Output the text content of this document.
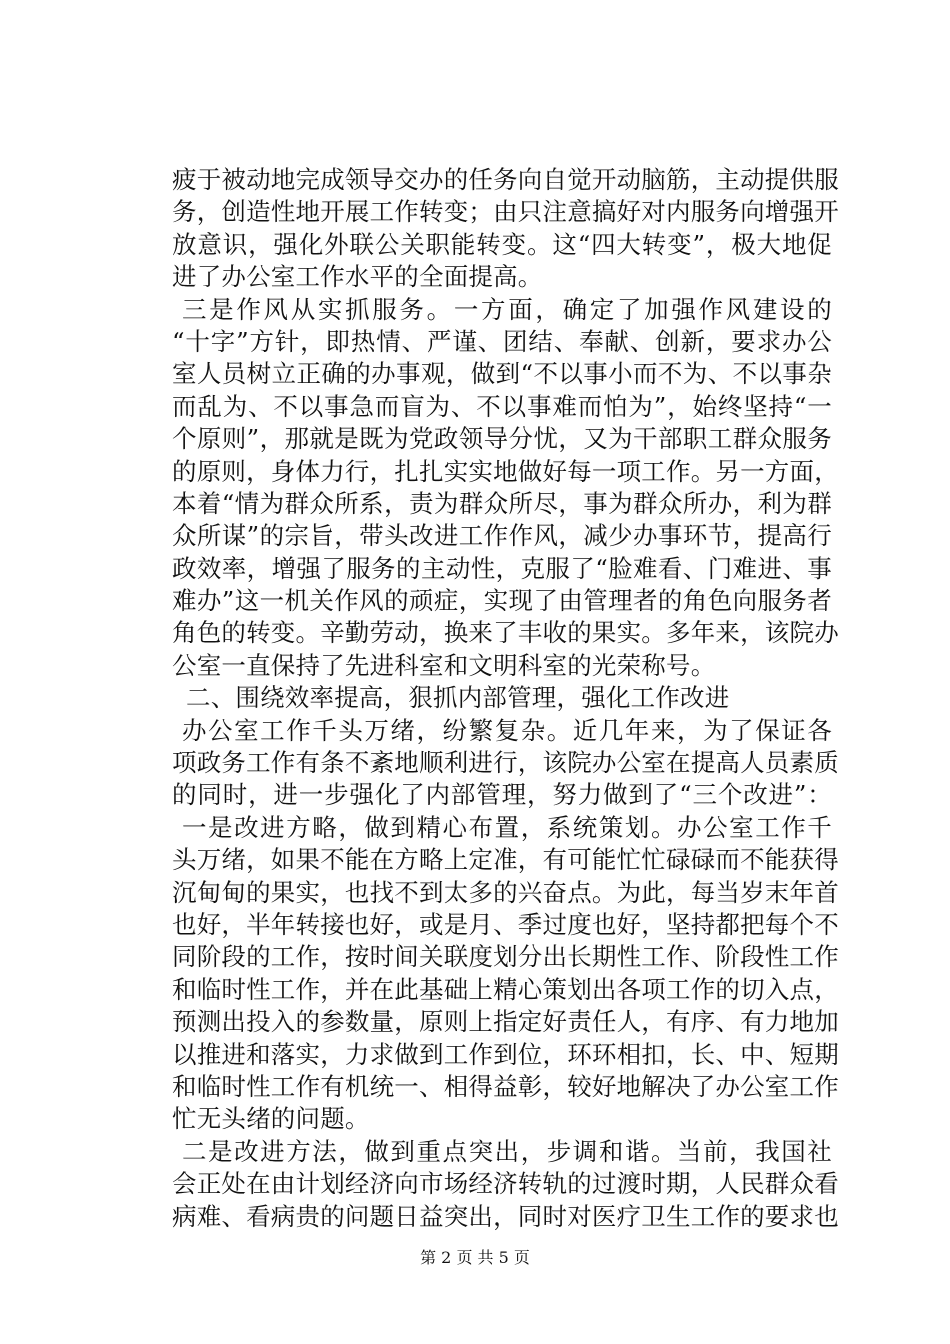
疲于被动地完成领导交办的任务向自觉开动脑筋，主动提供服
务，创造性地开展工作转变；由只注意搞好对内服务向增强开
放意识，强化外联公关职能转变。这“四大转变”，极大地促
进了办公室工作水平的全面提高。
三是作风从实抓服务。一方面，确定了加强作风建设的
“十字”方针，即热情、严谨、团结、奉献、创新，要求办公
室人员树立正确的办事观，做到“不以事小而不为、不以事杂
而乱为、不以事急而盲为、不以事难而怕为”，始终坚持“一
个原则”，那就是既为党政领导分忧，又为干部职工群众服务
的原则，身体力行，扎扎实实地做好每一项工作。另一方面，
本着“情为群众所系，责为群众所尽，事为群众所办，利为群
众所谋”的宗旨，带头改进工作作风，减少办事环节，提高行
政效率，增强了服务的主动性，克服了“脸难看、门难进、事
难办”这一机关作风的顽症，实现了由管理者的角色向服务者
角色的转变。辛勤劳动，换来了丰收的果实。多年来，该院办
公室一直保持了先进科室和文明科室的光荣称号。
二、围绕效率提高，狠抓内部管理，强化工作改进
办公室工作千头万绪，纷繁复杂。近几年来，为了保证各
项政务工作有条不紊地顺利进行，该院办公室在提高人员素质
的同时，进一步强化了内部管理，努力做到了“三个改进”：
一是改进方略，做到精心布置，系统策划。办公室工作千
头万绪，如果不能在方略上定准，有可能忙忙碌碌而不能获得
沉甸甸的果实，也找不到太多的兴奋点。为此，每当岁末年首
也好，半年转接也好，或是月、季过度也好，坚持都把每个不
同阶段的工作，按时间关联度划分出长期性工作、阶段性工作
和临时性工作，并在此基础上精心策划出各项工作的切入点，
预测出投入的参数量，原则上指定好责任人，有序、有力地加
以推进和落实，力求做到工作到位，环环相扣，长、中、短期
和临时性工作有机统一、相得益彰，较好地解决了办公室工作
忙无头绪的问题。
二是改进方法，做到重点突出，步调和谐。当前，我国社
会正处在由计划经济向市场经济转轨的过渡时期，人民群众看
病难、看病贵的问题日益突出，同时对医疗卫生工作的要求也
第 2 页 共 5 页
